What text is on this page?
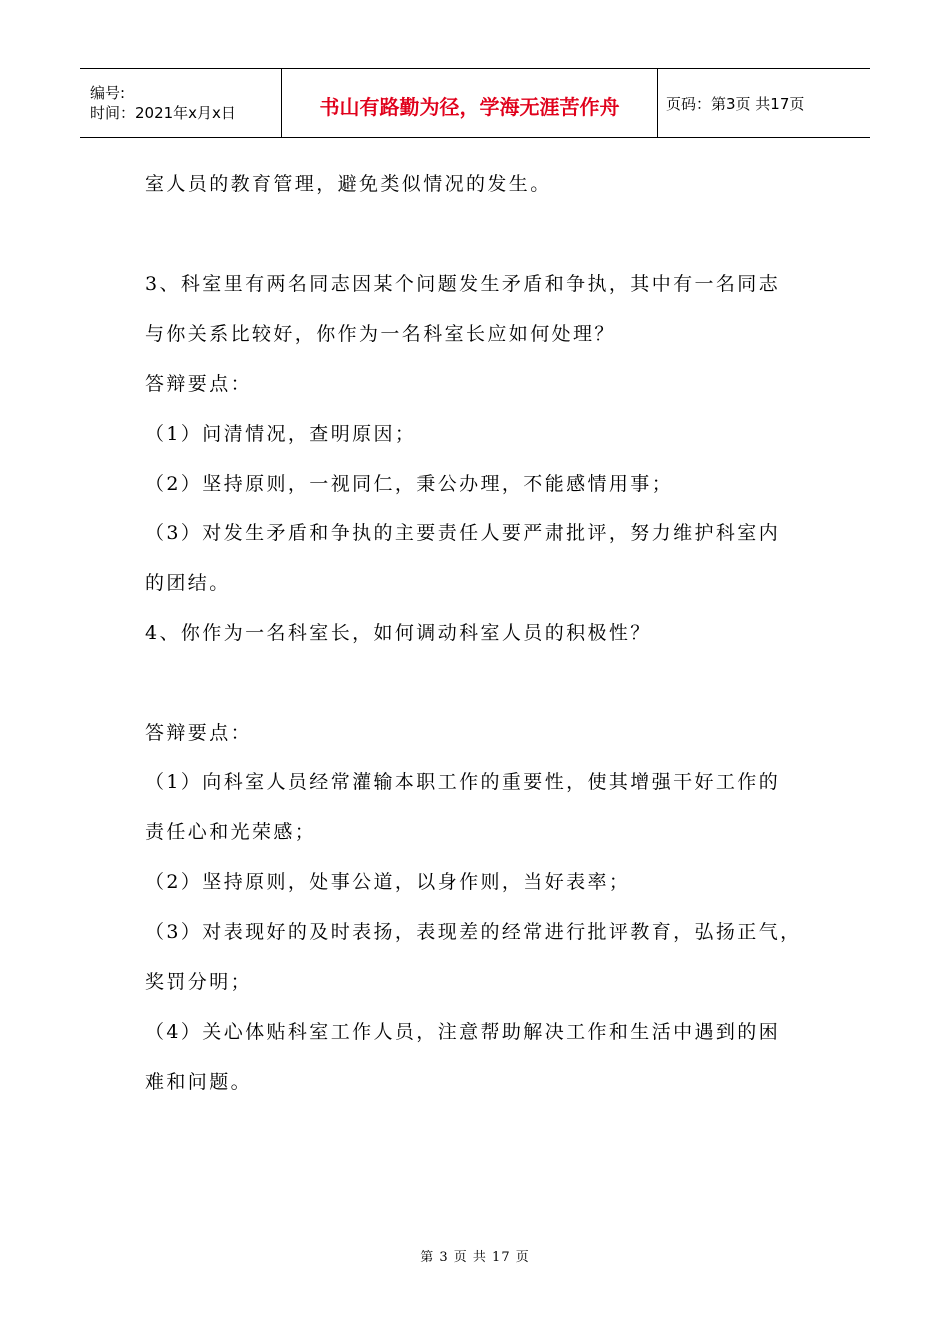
编号:
时间：2021年x月x日	书山有路勤为径，学海无涯苦作舟	页码：第3页 共17页
室人员的教育管理，避免类似情况的发生。
3、科室里有两名同志因某个问题发生矛盾和争执，其中有一名同志
与你关系比较好，你作为一名科室长应如何处理？
答辩要点：
（1）问清情况，查明原因；
（2）坚持原则，一视同仁，秉公办理，不能感情用事；
（3）对发生矛盾和争执的主要责任人要严肃批评，努力维护科室内
的团结。
4、你作为一名科室长，如何调动科室人员的积极性？
答辩要点：
（1）向科室人员经常灌输本职工作的重要性，使其增强干好工作的
责任心和光荣感；
（2）坚持原则，处事公道，以身作则，当好表率；
（3）对表现好的及时表扬，表现差的经常进行批评教育，弘扬正气，
奖罚分明；
（4）关心体贴科室工作人员，注意帮助解决工作和生活中遇到的困
难和问题。
第 3 页 共 17 页
